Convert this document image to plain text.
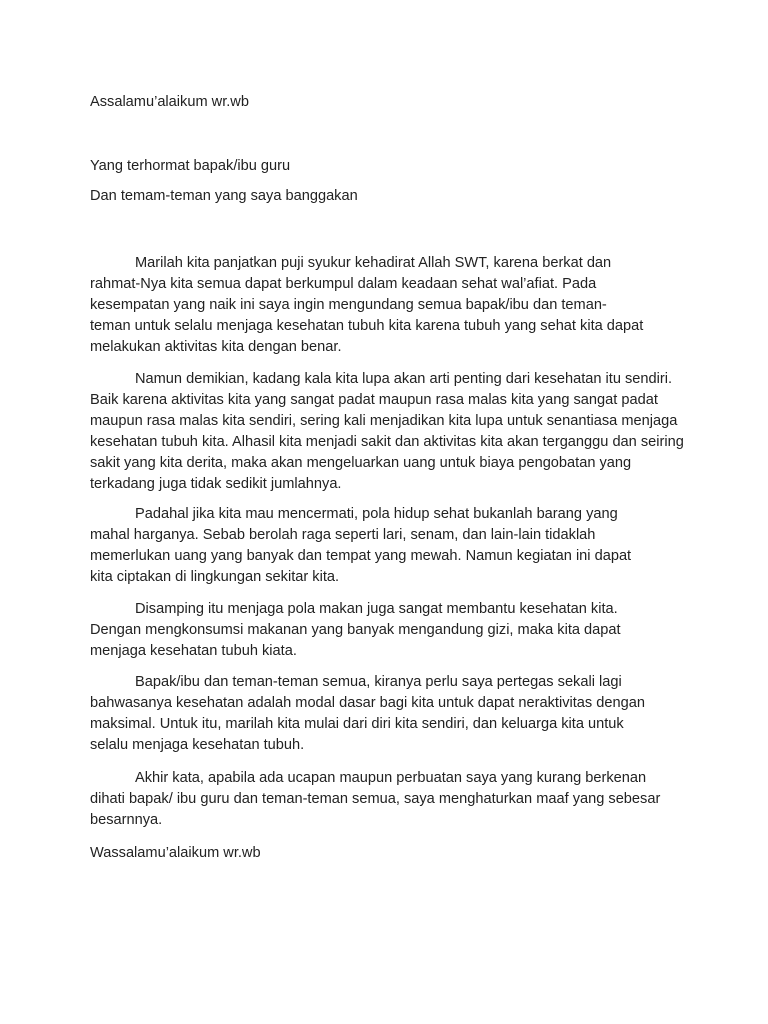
Assalamu’alaikum wr.wb

Yang terhormat bapak/ibu guru

Dan temam-teman yang saya banggakan

Marilah kita panjatkan puji syukur kehadirat Allah SWT, karena berkat dan rahmat-Nya kita semua dapat berkumpul dalam keadaan sehat wal’afiat. Pada kesempatan yang naik ini saya ingin mengundang semua bapak/ibu dan teman-teman untuk selalu menjaga kesehatan tubuh kita karena tubuh yang sehat kita dapat melakukan aktivitas kita dengan benar.

Namun demikian, kadang kala kita lupa akan arti penting dari kesehatan itu sendiri. Baik karena aktivitas kita yang sangat padat maupun rasa malas kita yang sangat padat maupun rasa malas kita sendiri, sering kali menjadikan kita lupa untuk senantiasa menjaga kesehatan tubuh kita. Alhasil kita menjadi sakit dan aktivitas kita akan terganggu dan seiring sakit yang kita derita, maka akan mengeluarkan uang untuk biaya pengobatan yang terkadang juga tidak sedikit jumlahnya.

Padahal jika kita mau mencermati, pola hidup sehat bukanlah barang yang mahal harganya. Sebab berolah raga seperti lari, senam, dan lain-lain tidaklah memerlukan uang yang banyak dan tempat yang mewah. Namun kegiatan ini dapat kita ciptakan di lingkungan sekitar kita.

Disamping itu menjaga pola makan juga sangat membantu kesehatan kita. Dengan mengkonsumsi makanan yang banyak mengandung gizi, maka kita dapat menjaga kesehatan tubuh kiata.

Bapak/ibu dan teman-teman semua, kiranya perlu saya pertegas sekali lagi bahwasanya kesehatan adalah modal dasar bagi kita untuk dapat neraktivitas dengan maksimal. Untuk itu, marilah kita mulai dari diri kita sendiri, dan keluarga kita untuk selalu menjaga kesehatan tubuh.

Akhir kata, apabila ada ucapan maupun perbuatan saya yang kurang berkenan dihati bapak/ ibu guru dan teman-teman semua, saya menghaturkan maaf yang sebesar besarnnya.

Wassalamu’alaikum wr.wb
